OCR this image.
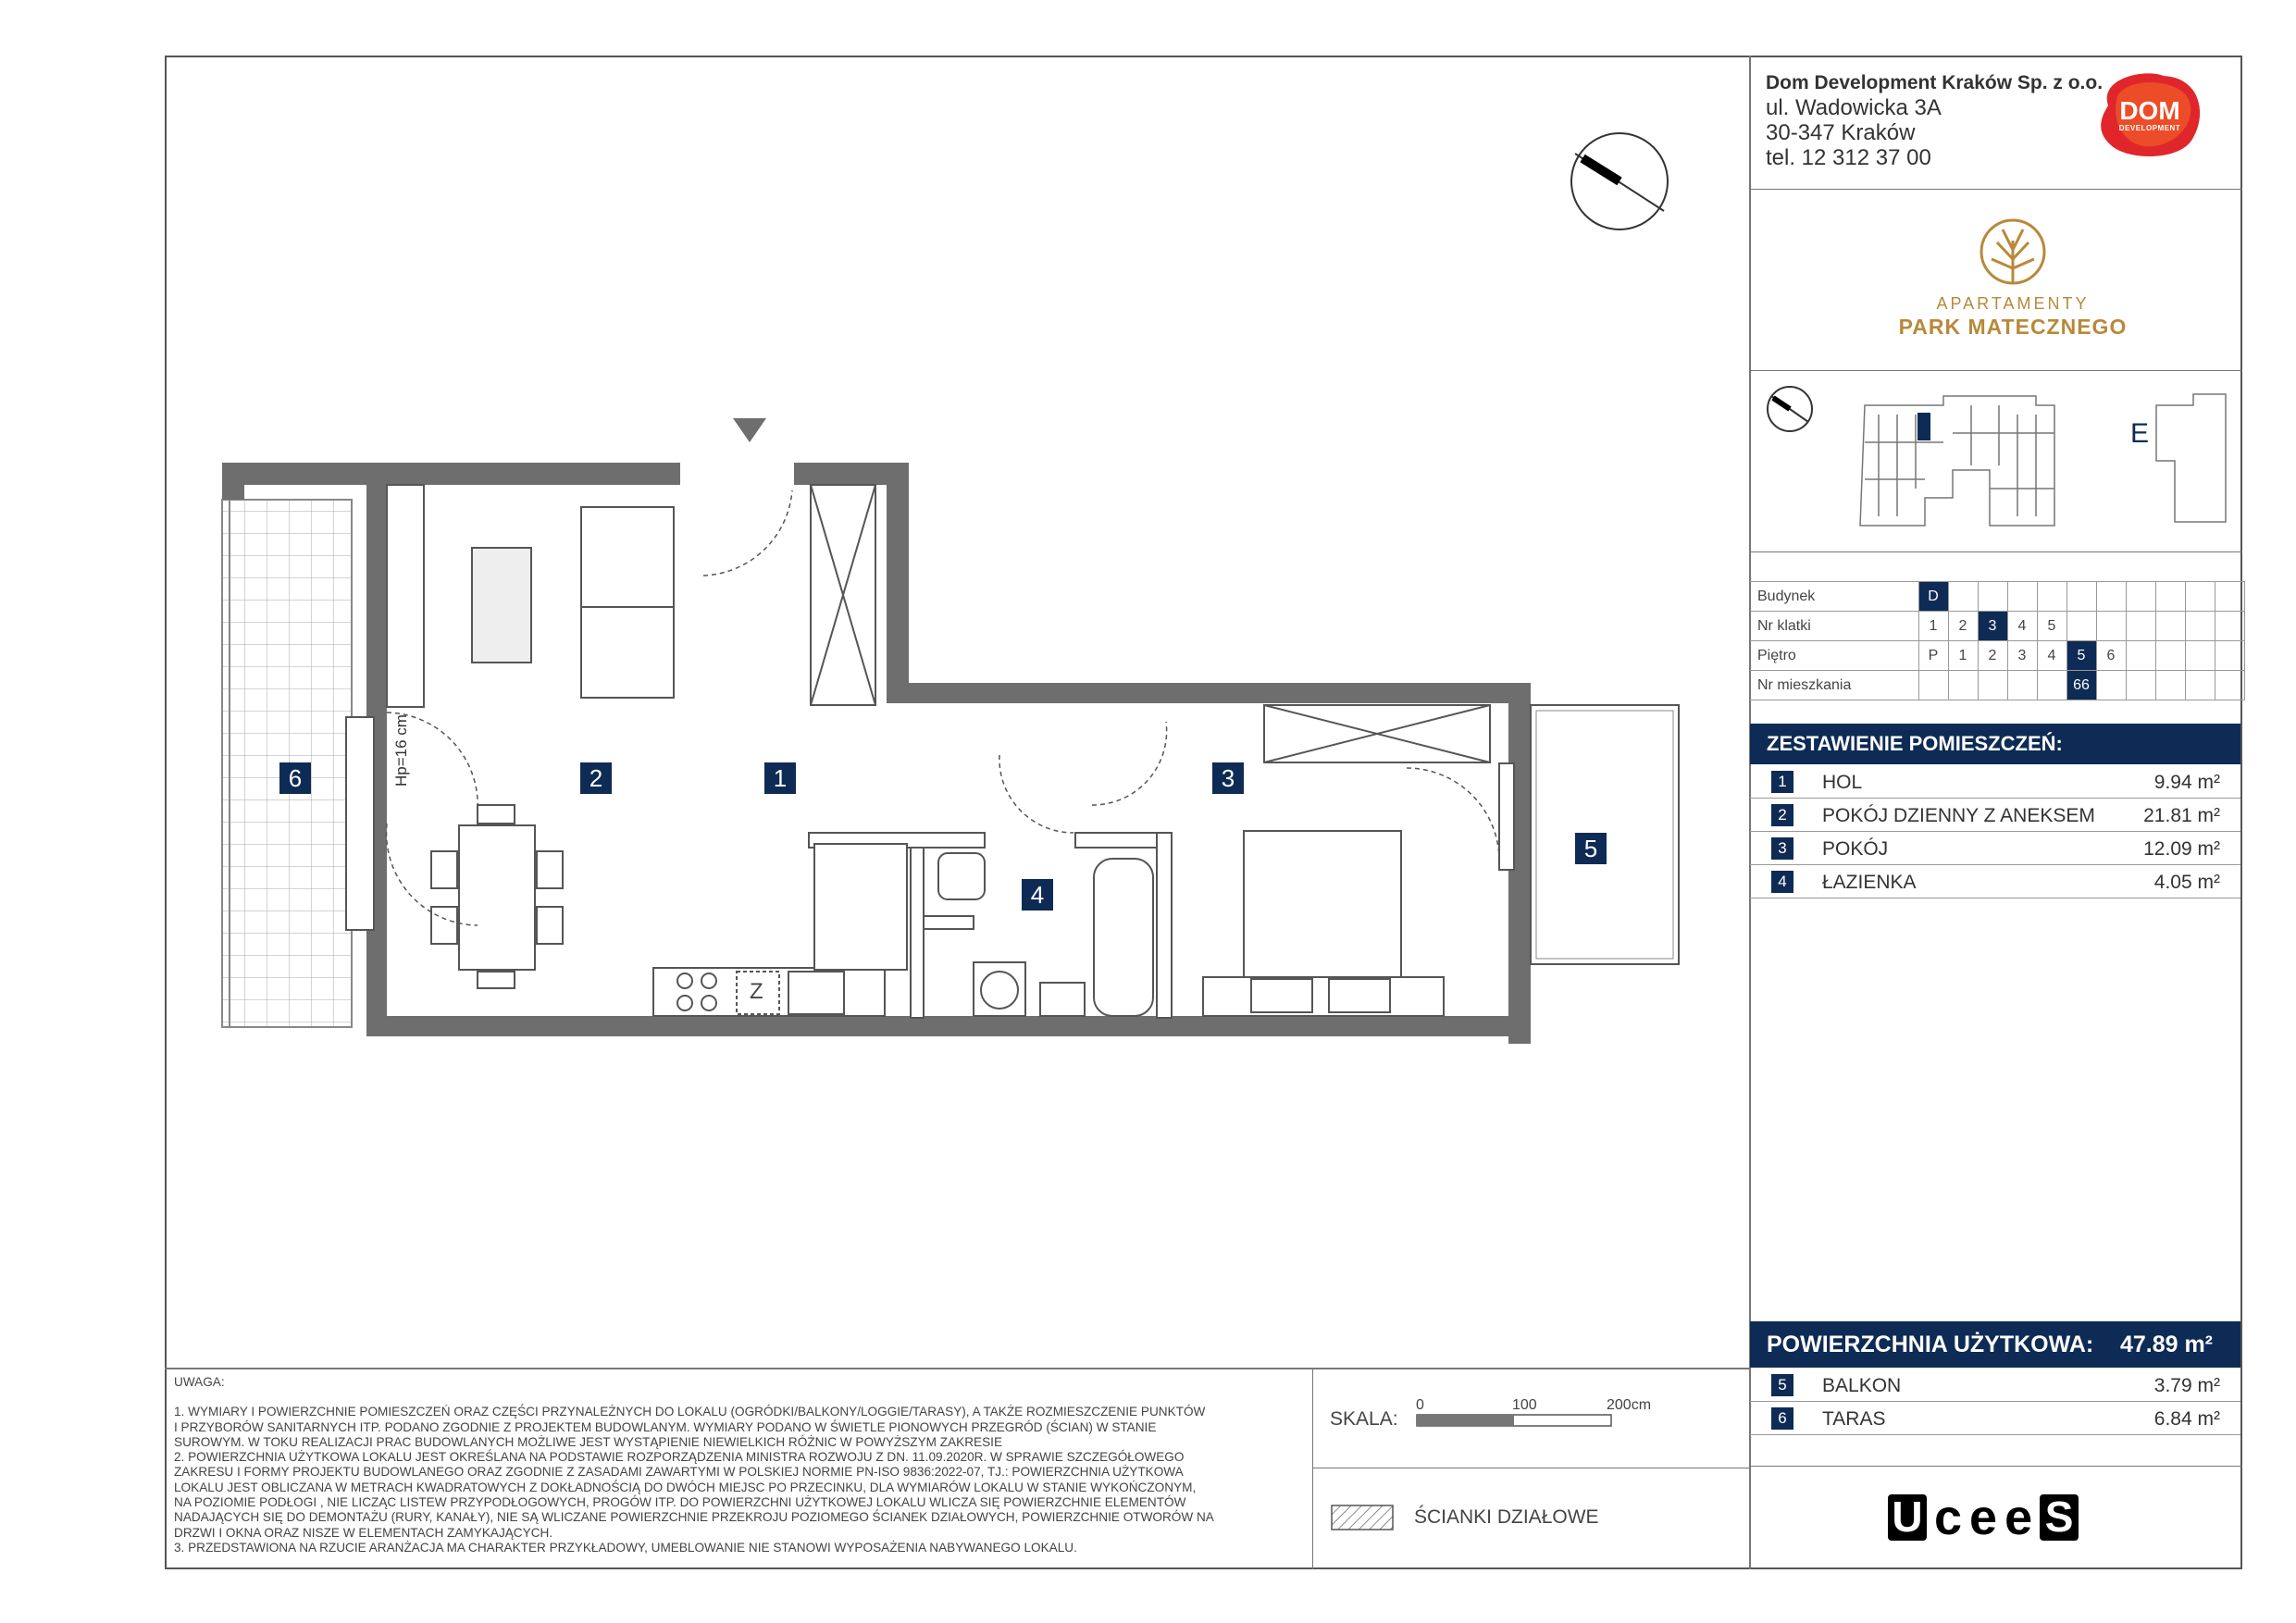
Dom Development Kraków Sp. z o.o.
ul. Wadowicka 3A
30-347 Kraków
tel. 12 312 37 00
DOM
DEVELOPMENT
APARTAMENTY
PARK MATECZNEGO
E
Budynek	D										
Nr klatki	1	2	3	4	5						
Piętro	P	1	2	3	4	5	6				
Nr mieszkania						66					
ZESTAWIENIE POMIESZCZEŃ:
1	HOL	9.94 m²
2	POKÓJ DZIENNY Z ANEKSEM 21.81 m²
3	POKÓJ	12.09 m²
4	ŁAZIENKA	4.05 m²
POWIERZCHNIA UŻYTKOWA: 47.89 m²
5	BALKON	3.79 m²
6	TARAS	6.84 m²

UWAGA:

1. WYMIARY I POWIERZCHNIE POMIESZCZEŃ ORAZ CZĘŚCI PRZYNALEŻNYCH DO LOKALU (OGRÓDKI/BALKONY/LOGGIE/TARASY), A TAKŻE ROZMIESZCZENIE PUNKTÓW

I PRZYBORÓW SANITARNYCH ITP. PODANO ZGODNIE Z PROJEKTEM BUDOWLANYM. WYMIARY PODANO W ŚWIETLE PIONOWYCH PRZEGRÓD (ŚCIAN) W STANIE

SUROWYM. W TOKU REALIZACJI PRAC BUDOWLANYCH MOŻLIWE JEST WYSTĄPIENIE NIEWIELKICH RÓŻNIC W POWYŻSZYM ZAKRESIE

2. POWIERZCHNIA UŻYTKOWA LOKALU JEST OKREŚLANA NA PODSTAWIE ROZPORZĄDZENIA MINISTRA ROZWOJU Z DN. 11.09.2020R. W SPRAWIE SZCZEGÓŁOWEGO

ZAKRESU I FORMY PROJEKTU BUDOWLANEGO ORAZ ZGODNIE Z ZASADAMI ZAWARTYMI W POLSKIEJ NORMIE PN-ISO 9836:2022-07, TJ.: POWIERZCHNIA UŻYTKOWA

LOKALU JEST OBLICZANA W METRACH KWADRATOWYCH Z DOKŁADNOŚCIĄ DO DWÓCH MIEJSC PO PRZECINKU, DLA WYMIARÓW LOKALU W STANIE WYKOŃCZONYM,

NA POZIOMIE PODŁOGI , NIE LICZĄC LISTEW PRZYPODŁOGOWYCH, PROGÓW ITP. DO POWIERZCHNI UŻYTKOWEJ LOKALU WLICZA SIĘ POWIERZCHNIE ELEMENTÓW

NADAJĄCYCH SIĘ DO DEMONTAŻU (RURY, KANAŁY), NIE SĄ WLICZANE POWIERZCHNIE PRZEKROJU POZIOMEGO ŚCIANEK DZIAŁOWYCH, POWIERZCHNIE OTWORÓW NA

DRZWI I OKNA ORAZ NISZE W ELEMENTACH ZAMYKAJĄCYCH.

3. PRZEDSTAWIONA NA RZUCIE ARANŻACJA MA CHARAKTER PRZYKŁADOWY, UMEBLOWANIE NIE STANOWI WYPOSAŻENIA NABYWANEGO LOKALU.

SKALA:
0	100	200cm
ŚCIANKI DZIAŁOWE	U c e e S
6	2	1	3
4
5
Hp=16 cm
Z
